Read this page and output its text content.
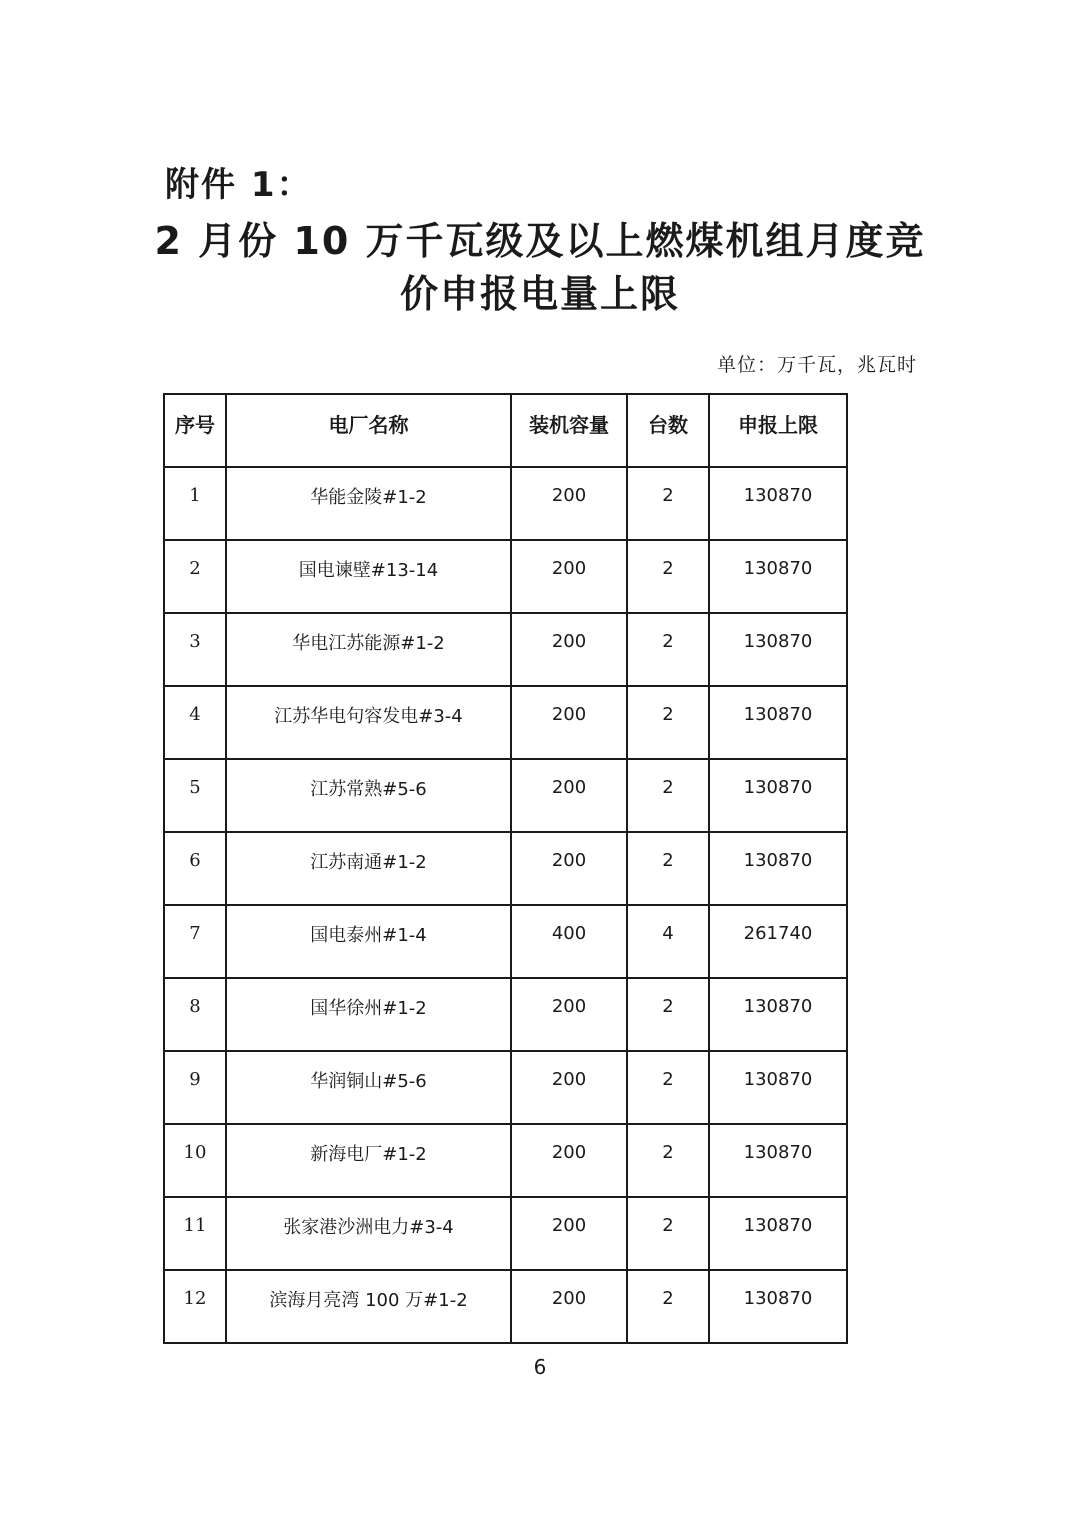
附件 1：
2 月份 10 万千瓦级及以上燃煤机组月度竞
价申报电量上限
单位：万千瓦，兆瓦时
序号	电厂名称	装机容量	台数	申报上限
1	华能金陵#1-2	200	2	130870
2	国电谏壁#13-14	200	2	130870
3	华电江苏能源#1-2	200	2	130870
4	江苏华电句容发电#3-4	200	2	130870
5	江苏常熟#5-6	200	2	130870
6	江苏南通#1-2	200	2	130870
7	国电泰州#1-4	400	4	261740
8	国华徐州#1-2	200	2	130870
9	华润铜山#5-6	200	2	130870
10	新海电厂#1-2	200	2	130870
11	张家港沙洲电力#3-4	200	2	130870
12	滨海月亮湾 100 万#1-2	200	2	130870
6
